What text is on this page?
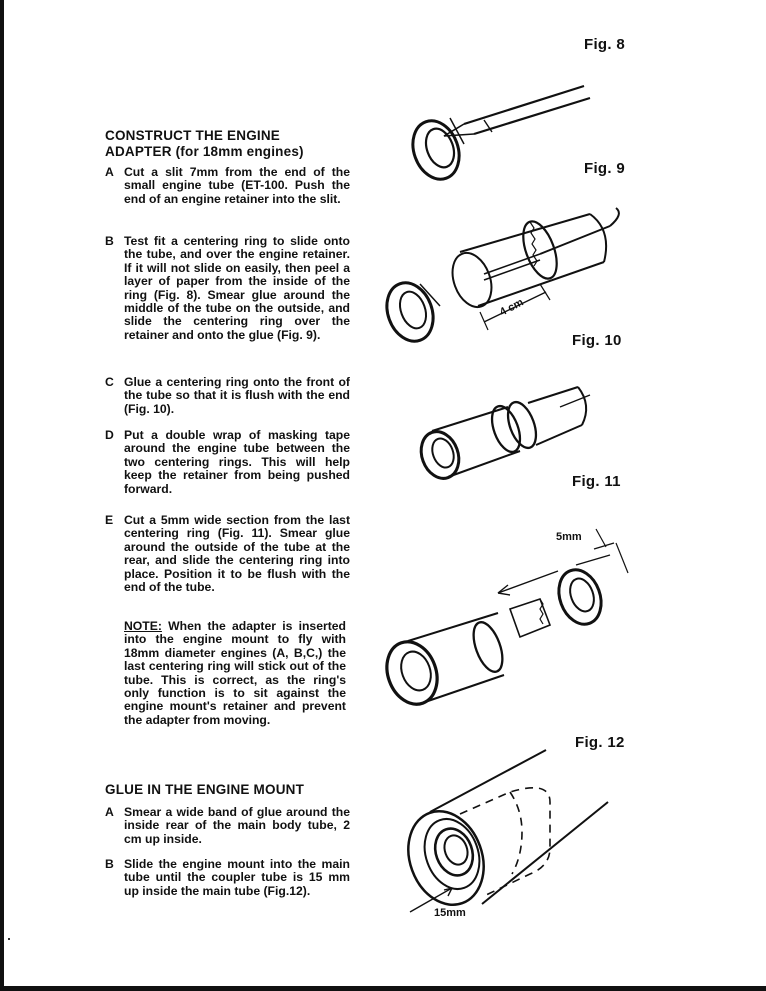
Fig. 8
Fig. 9
Fig. 10
Fig. 11
Fig. 12
CONSTRUCT THE ENGINE
ADAPTER (for 18mm engines)
A Cut a slit 7mm from the end of the small engine tube (ET-100. Push the end of an engine retainer into the slit.
B Test fit a centering ring to slide onto the tube, and over the engine retainer. If it will not slide on easily, then peel a layer of paper from the inside of the ring (Fig. 8). Smear glue around the middle of the tube on the outside, and slide the centering ring over the retainer and onto the glue (Fig. 9).
C Glue a centering ring onto the front of the tube so that it is flush with the end (Fig. 10).
D Put a double wrap of masking tape around the engine tube between the two centering rings. This will help keep the retainer from being pushed forward.
E Cut a 5mm wide section from the last centering ring (Fig. 11). Smear glue around the outside of the tube at the rear, and slide the centering ring into place. Position it to be flush with the end of the tube.
NOTE: When the adapter is inserted into the engine mount to fly with 18mm diameter engines (A, B,C,) the last centering ring will stick out of the tube. This is correct, as the ring's only function is to sit against the engine mount's retainer and prevent the adapter from moving.
GLUE IN THE ENGINE MOUNT
A Smear a wide band of glue around the inside rear of the main body tube, 2 cm up inside.
B Slide the engine mount into the main tube until the coupler tube is 15 mm up inside the main tube (Fig.12).
4 cm
5mm
15mm
